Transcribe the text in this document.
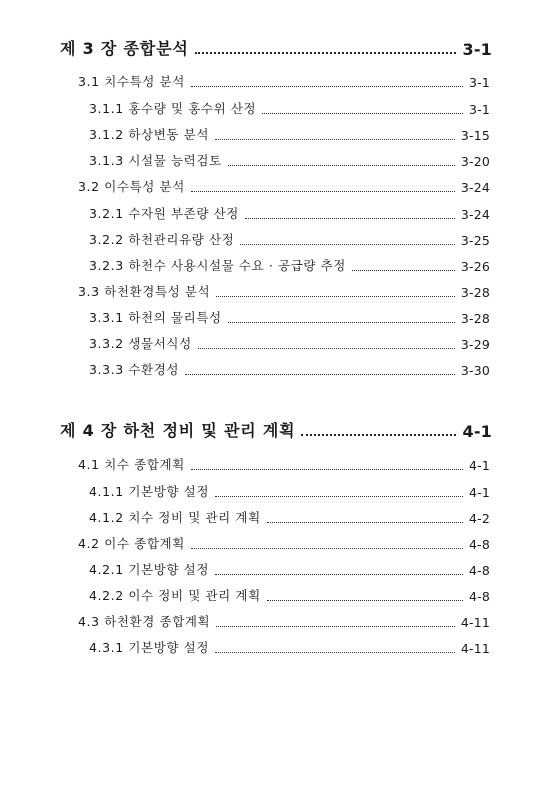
제 3 장 종합분석	3-1
3.1 치수특성 분석	3-1
3.1.1 홍수량 및 홍수위 산정	3-1
3.1.2 하상변동 분석	3-15
3.1.3 시설물 능력검토	3-20
3.2 이수특성 분석	3-24
3.2.1 수자원 부존량 산정	3-24
3.2.2 하천관리유량 산정	3-25
3.2.3 하천수 사용시설물 수요 · 공급량 추정	3-26
3.3 하천환경특성 분석	3-28
3.3.1 하천의 물리특성	3-28
3.3.2 생물서식성	3-29
3.3.3 수환경성	3-30
제 4 장 하천 정비 및 관리 계획	4-1
4.1 치수 종합계획	4-1
4.1.1 기본방향 설정	4-1
4.1.2 치수 정비 및 관리 계획	4-2
4.2 이수 종합계획	4-8
4.2.1 기본방향 설정	4-8
4.2.2 이수 정비 및 관리 계획	4-8
4.3 하천환경 종합계획	4-11
4.3.1 기본방향 설정	4-11
